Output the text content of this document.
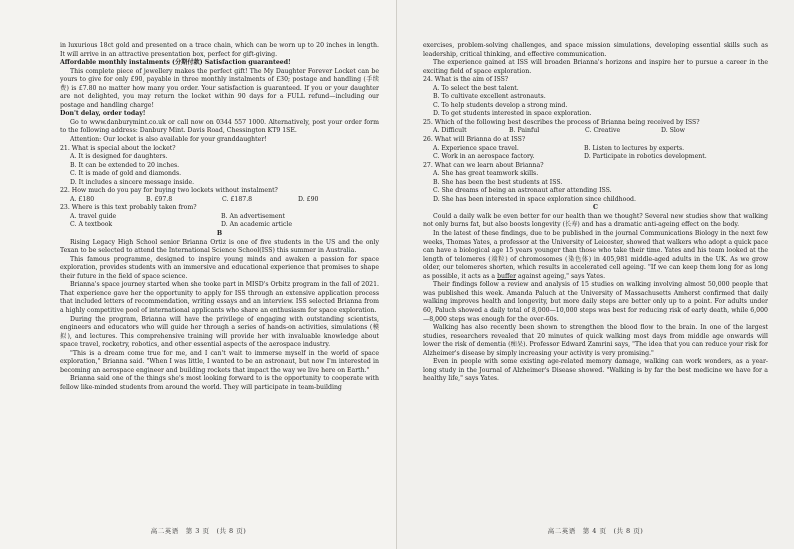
in luxurious 18ct gold and presented on a trace chain, which can be worn up to 20 inches in length. It will arrive in an attractive presentation box, perfect for gift-giving.

Affordable monthly instalments (分期付款) Satisfaction guaranteed!

This complete piece of jewellery makes the perfect gift! The My Daughter Forever Locket can be yours to give for only £90, payable in three monthly instalments of £30; postage and handling (手续费) is £7.80 no matter how many you order. Your satisfaction is guaranteed. If you or your daughter are not delighted, you may return the locket within 90 days for a FULL refund—including our postage and handling charge!

Don't delay, order today!

Go to www.danburymint.co.uk or call now on 0344 557 1000. Alternatively, post your order form to the following address: Danbury Mint. Davis Road, Chessington KT9 1SE.

Attention: Our locket is also available for your granddaughter!

21. What is special about the locket?

A. It is designed for daughters.

B. It can be extended to 20 inches.

C. It is made of gold and diamonds.

D. It includes a sincere message inside.

22. How much do you pay for buying two lockets without instalment?

A. £180	B. £97.8	C. £187.8	D. £90

23. Where is this text probably taken from?

A. travel guide	B. An advertisement
C. A textbook	D. An academic article

B

Rising Legacy High School senior Brianna Ortiz is one of five students in the US and the only Texan to be selected to attend the International Science School(ISS) this summer in Australia.

This famous programme, designed to inspire young minds and awaken a passion for space exploration, provides students with an immersive and educational experience that promises to shape their future in the field of space science.

Brianna's space journey started when she tooke part in MISD's Orbitz program in the fall of 2021. That experience gave her the opportunity to apply for ISS through an extensive application process that included letters of recommendation, writing essays and an interview. ISS selected Brianna from a highly competitive pool of international applicants who share an enthusiasm for space exploration.

During the program, Brianna will have the privilege of engaging with outstanding scientists, engineers and educators who will guide her through a series of hands-on activities, simulations (模拟), and lectures. This comprehensive training will provide her with invaluable knowledge about space travel, rocketry, robotics, and other essential aspects of the aerospace industry.

"This is a dream come true for me, and I can't wait to immerse myself in the world of space exploration," Brianna said. "When I was little, I wanted to be an astronaut, but now I'm interested in becoming an aerospace engineer and building rockets that impact the way we live here on Earth."

Brianna said one of the things she's most looking forward to is the opportunity to cooperate with fellow like-minded students from around the world. They will participate in team-building

高二英语　第 3 页　(共 8 页)

exercises, problem-solving challenges, and space mission simulations, developing essential skills such as leadership, critical thinking, and effective communication.

The experience gained at ISS will broaden Brianna's horizons and inspire her to pursue a career in the exciting field of space exploration.

24. What is the aim of ISS?

A. To select the best talent.

B. To cultivate excellent astronauts.

C. To help students develop a strong mind.

D. To get students interested in space exploration.

25. Which of the following best describes the process of Brianna being received by ISS?

A. Difficult	B. Painful	C. Creative	D. Slow

26. What will Brianna do at ISS?

A. Experience space travel.	B. Listen to lectures by experts.
C. Work in an aerospace factory.	D. Participate in robotics development.

27. What can we learn about Brianna?

A. She has great teamwork skills.

B. She has been the best students at ISS.

C. She dreams of being an astronaut after attending ISS.

D. She has been interested in space exploration since childhood.

C

Could a daily walk be even better for our health than we thought? Several new studies show that walking not only burns fat, but also boosts longevity (长寿) and has a dramatic anti-ageing effect on the body.

In the latest of these findings, due to be published in the journal Communications Biology in the next few weeks, Thomas Yates, a professor at the University of Leicester, showed that walkers who adopt a quick pace can have a biological age 15 years younger than those who take their time. Yates and his team looked at the length of telomeres (端粒) of chromosomes (染色体) in 405,981 middle-aged adults in the UK. As we grow older, our telomeres shorten, which results in accelerated cell ageing. "If we can keep them long for as long as possible, it acts as a buffer against ageing," says Yates.

Their findings follow a review and analysis of 15 studies on walking involving almost 50,000 people that was published this week. Amanda Paluch at the University of Massachusetts Amherst confirmed that daily walking improves health and longevity, but more daily steps are better only up to a point. For adults under 60, Paluch showed a daily total of 8,000—10,000 steps was best for reducing risk of early death, while 6,000—8,000 steps was enough for the over-60s.

Walking has also recently been shown to strengthen the blood flow to the brain. In one of the largest studies, researchers revealed that 20 minutes of quick walking most days from middle age onwards will lower the risk of dementia (痴呆). Professor Edward Zamrini says, "The idea that you can reduce your risk for Alzheimer's disease by simply increasing your activity is very promising."

Even in people with some existing age-related memory damage, walking can work wonders, as a year-long study in the Journal of Alzheimer's Disease showed. "Walking is by far the best medicine we have for a healthy life," says Yates.

高二英语　第 4 页　(共 8 页)
